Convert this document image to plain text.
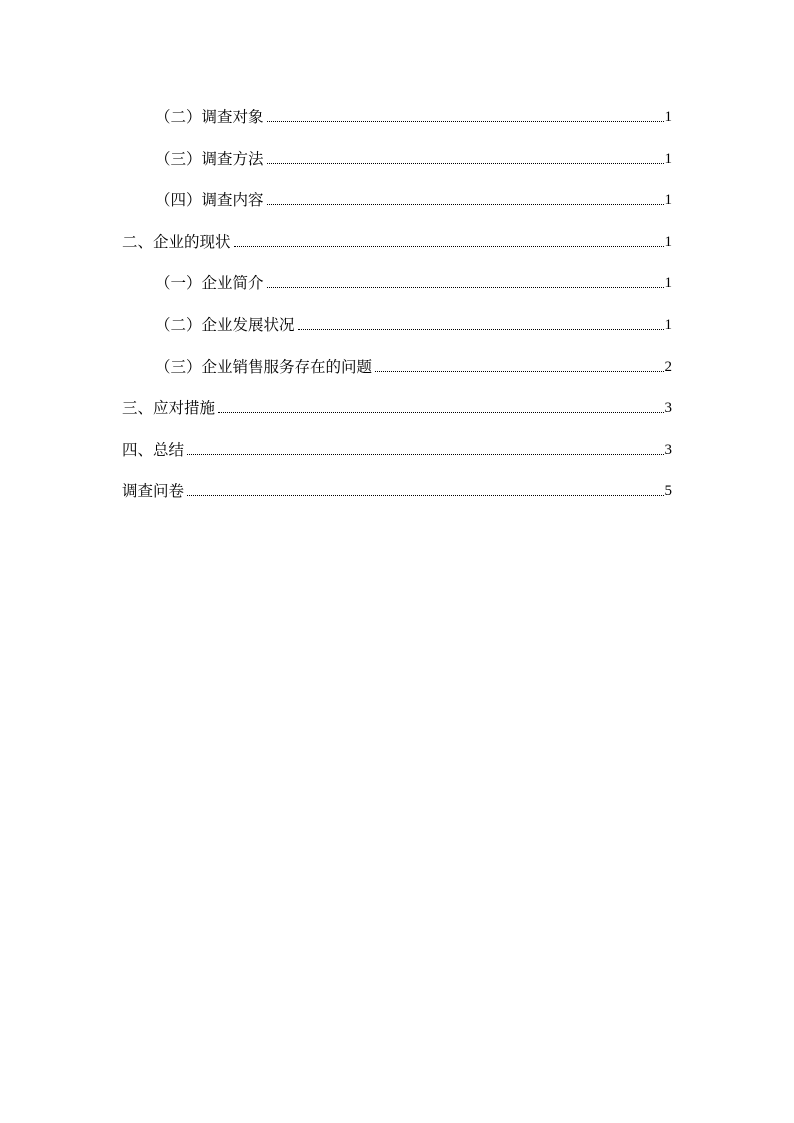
（二）调查对象	1
（三）调查方法	1
（四）调查内容	1
二、企业的现状	1
（一）企业简介	1
（二）企业发展状况	1
（三）企业销售服务存在的问题	2
三、应对措施	3
四、总结	3
调查问卷	5
